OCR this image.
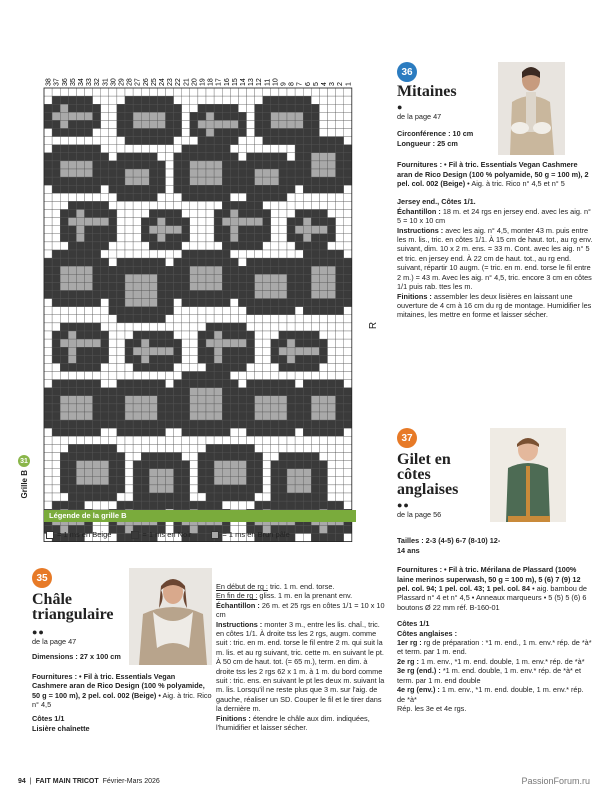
38 37 36 35 34 33 32 31 30 29 28 27 26 25 24 23 22 21 20 19 18 17 16 15 14 13 12 11 10 9 8 7 6 5 4 3 2 1
31
Grille B
R
Légende de la grille B
= 1 ms en Beige	= 1 ms en Noir	= 1 ms en Brun pâle
36
Mitaines
●
de la page 47
Circonférence : 10 cm
Longueur : 25 cm
Fournitures : • Fil à tric. Essentials Vegan Cashmere aran de Rico Design (100 % polyamide, 50 g = 100 m), 2 pel. col. 002 (Beige) • Aig. à tric. Rico n° 4,5 et n° 5
Jersey end., Côtes 1/1.
Échantillon : 18 m. et 24 rgs en jersey end. avec les aig. n° 5 = 10 x 10 cm
Instructions : avec les aig. n° 4,5, monter 43 m. puis entre les m. lis., tric. en côtes 1/1. À 15 cm de haut. tot., au rg env. suivant, dim. 10 x 2 m. ens. = 33 m. Cont. avec les aig. n° 5 et tric. en jersey end. À 22 cm de haut. tot., au rg end. suivant, répartir 10 augm. (= tric. en m. end. torse le fil entre 2 m.) = 43 m. Avec les aig. n° 4,5, tric. encore 3 cm en côtes 1/1 puis rab. ttes les m.
Finitions : assembler les deux lisières en laissant une ouverture de 4 cm à 16 cm du rg de montage. Humidifier les mitaines, les mettre en forme et laisser sécher.
37
Gilet en
côtes
anglaises
●●
de la page 56
Tailles : 2-3 (4-5) 6-7 (8-10) 12-14 ans
Fournitures : • Fil à tric. Mérilana de Plassard (100% laine merinos superwash, 50 g = 100 m), 5 (6) 7 (9) 12 pel. col. 94; 1 pel. col. 43; 1 pel. col. 84 • aig. bambou de Plassard n° 4 et n° 4,5 • Anneaux marqueurs • 5 (5) 5 (6) 6 boutons Ø 22 mm réf. B-160-01
Côtes 1/1
Côtes anglaises :
1er rg : rg de préparation : *1 m. end., 1 m. env.* rép. de *à* et term. par 1 m. end.
2e rg : 1 m. env., *1 m. end. double, 1 m. env.* rép. de *à*
3e rg (end.) : *1 m. end. double, 1 m. env.* rép. de *à* et term. par 1 m. end double
4e rg (env.) : 1 m. env., *1 m. end. double, 1 m. env.* rép. de *à*
Rép. les 3e et 4e rgs.
35
Châle
triangulaire
●●
de la page 47
Dimensions : 27 x 100 cm
Fournitures : • Fil à tric. Essentials Vegan Cashmere aran de Rico Design (100 % polyamide, 50 g = 100 m), 2 pel. col. 002 (Beige) • Aig. à tric. Rico n° 4,5
Côtes 1/1
Lisière chaînette
En début de rg : tric. 1 m. end. torse.
En fin de rg : gliss. 1 m. en la prenant env.
Échantillon : 26 m. et 25 rgs en côtes 1/1 = 10 x 10 cm
Instructions : monter 3 m., entre les lis. chaî., tric. en côtes 1/1. À droite tss les 2 rgs, augm. comme suit : tric. en m. end. torse le fil entre 2 m. qui suit la m. lis. et au rg suivant, tric. cette m. en suivant le pt. À 50 cm de haut. tot. (= 65 m.), term. en dim. à droite tss les 2 rgs 62 x 1 m. à 1 m. du bord comme suit : tric. ens. en suivant le pt les deux m. suivant la m. lis. Lorsqu'il ne reste plus que 3 m. sur l'aig. de gauche, réaliser un SD. Couper le fil et le tirer dans la dernière m.
Finitions : étendre le châle aux dim. indiquées, l'humidifier et laisser sécher.
94 | FAIT MAIN TRICOT Février-Mars 2026	PassionForum.ru
